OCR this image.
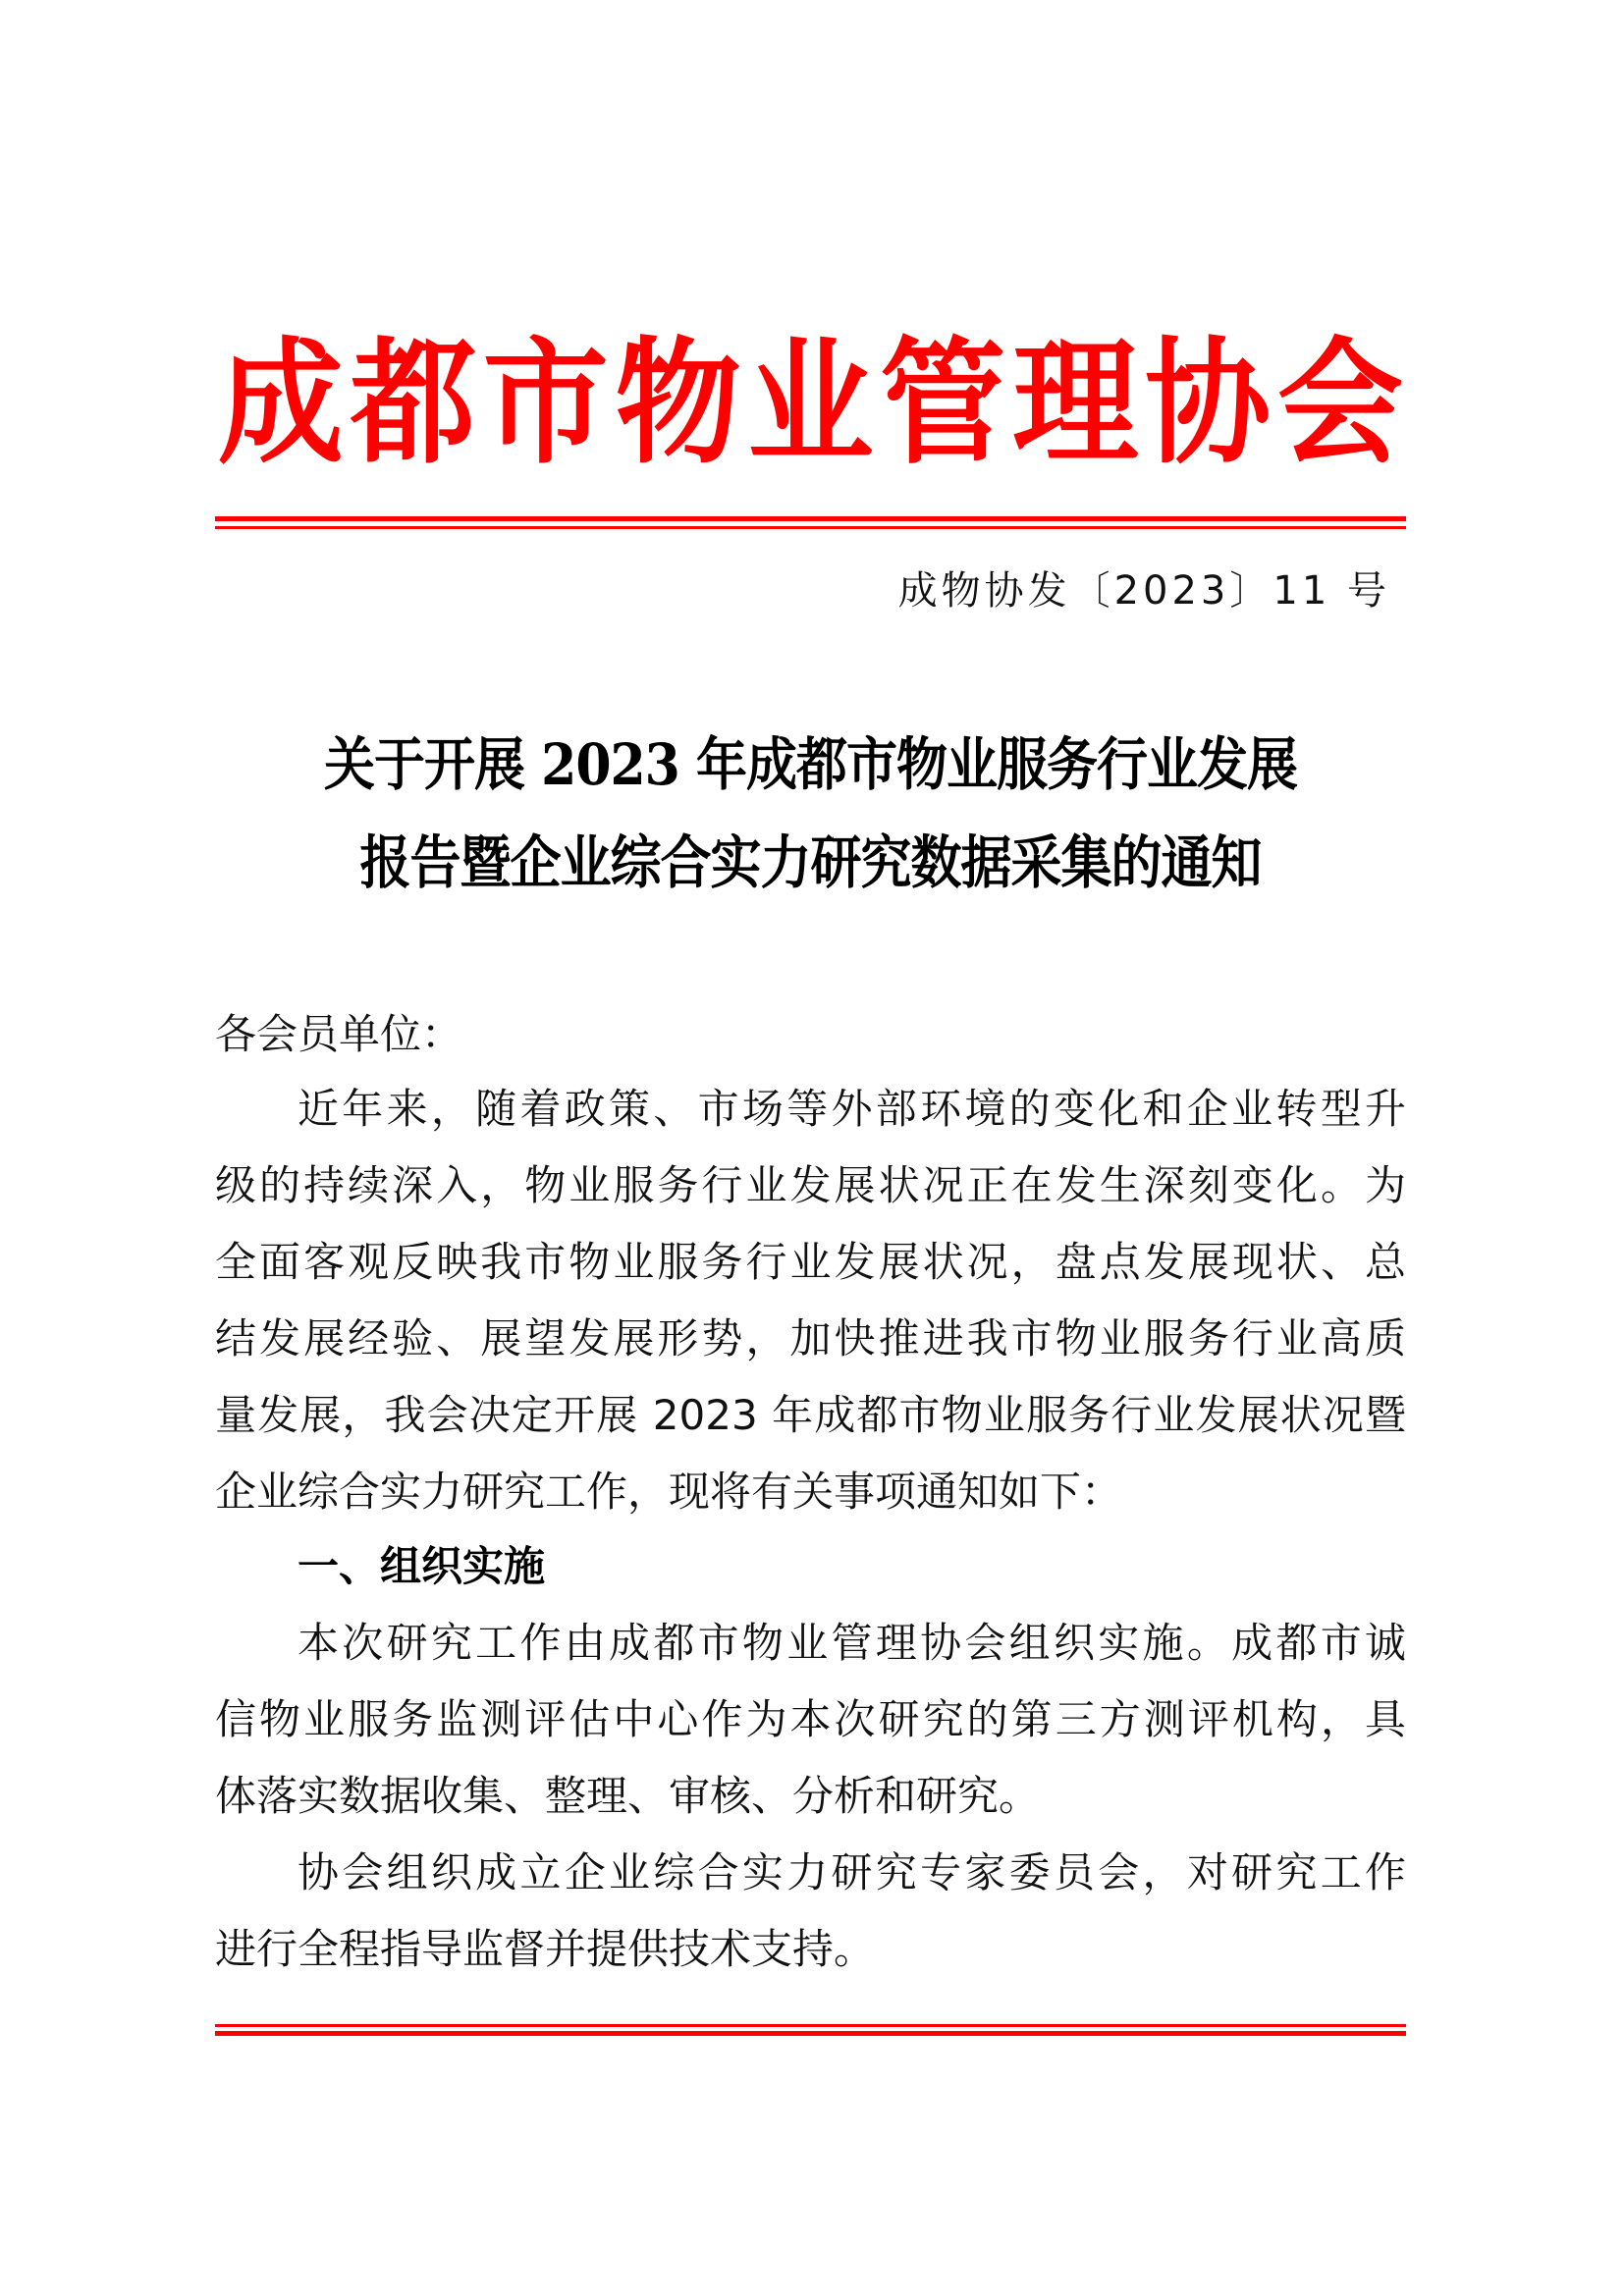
成 都 市 物 业 管 理 协 会
成物协发〔2023〕11 号
关于开展 2023 年成都市物业服务行业发展
报告暨企业综合实力研究数据采集的通知
各会员单位：
近年来，随着政策、市场等外部环境的变化和企业转型升
级的持续深入，物业服务行业发展状况正在发生深刻变化。为
全面客观反映我市物业服务行业发展状况，盘点发展现状、总
结发展经验、展望发展形势，加快推进我市物业服务行业高质
量发展，我会决定开展 2023 年成都市物业服务行业发展状况暨
企业综合实力研究工作，现将有关事项通知如下：
一、组织实施
本次研究工作由成都市物业管理协会组织实施。成都市诚
信物业服务监测评估中心作为本次研究的第三方测评机构，具
体落实数据收集、整理、审核、分析和研究。
协会组织成立企业综合实力研究专家委员会，对研究工作
进行全程指导监督并提供技术支持。
